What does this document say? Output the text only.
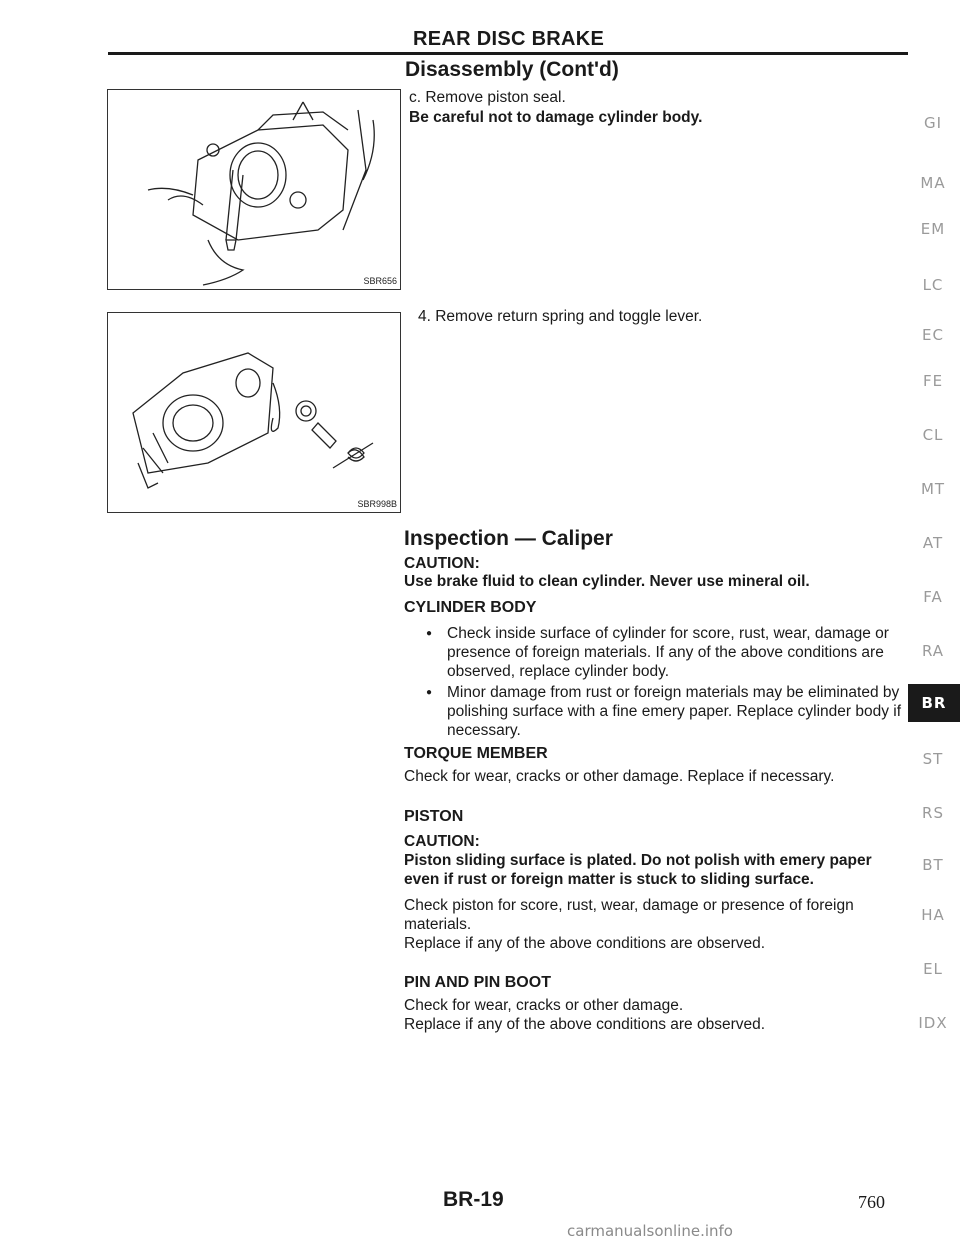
REAR DISC BRAKE
Disassembly (Cont'd)
SBR656
SBR998B
c. Remove piston seal.
Be careful not to damage cylinder body.
4. Remove return spring and toggle lever.
Inspection — Caliper
CAUTION:
Use brake fluid to clean cylinder. Never use mineral oil.
CYLINDER BODY
● Check inside surface of cylinder for score, rust, wear, damage or presence of foreign materials. If any of the above conditions are observed, replace cylinder body.
● Minor damage from rust or foreign materials may be eliminated by polishing surface with a fine emery paper. Replace cylinder body if necessary.
TORQUE MEMBER
Check for wear, cracks or other damage. Replace if necessary.
PISTON
CAUTION:
Piston sliding surface is plated. Do not polish with emery paper even if rust or foreign matter is stuck to sliding surface.
Check piston for score, rust, wear, damage or presence of foreign materials.
Replace if any of the above conditions are observed.
PIN AND PIN BOOT
Check for wear, cracks or other damage.
Replace if any of the above conditions are observed.
GI
MA
EM
LC
EC
FE
CL
MT
AT
FA
RA
BR
ST
RS
BT
HA
EL
IDX
BR-19	760
carmanualsonline.info
